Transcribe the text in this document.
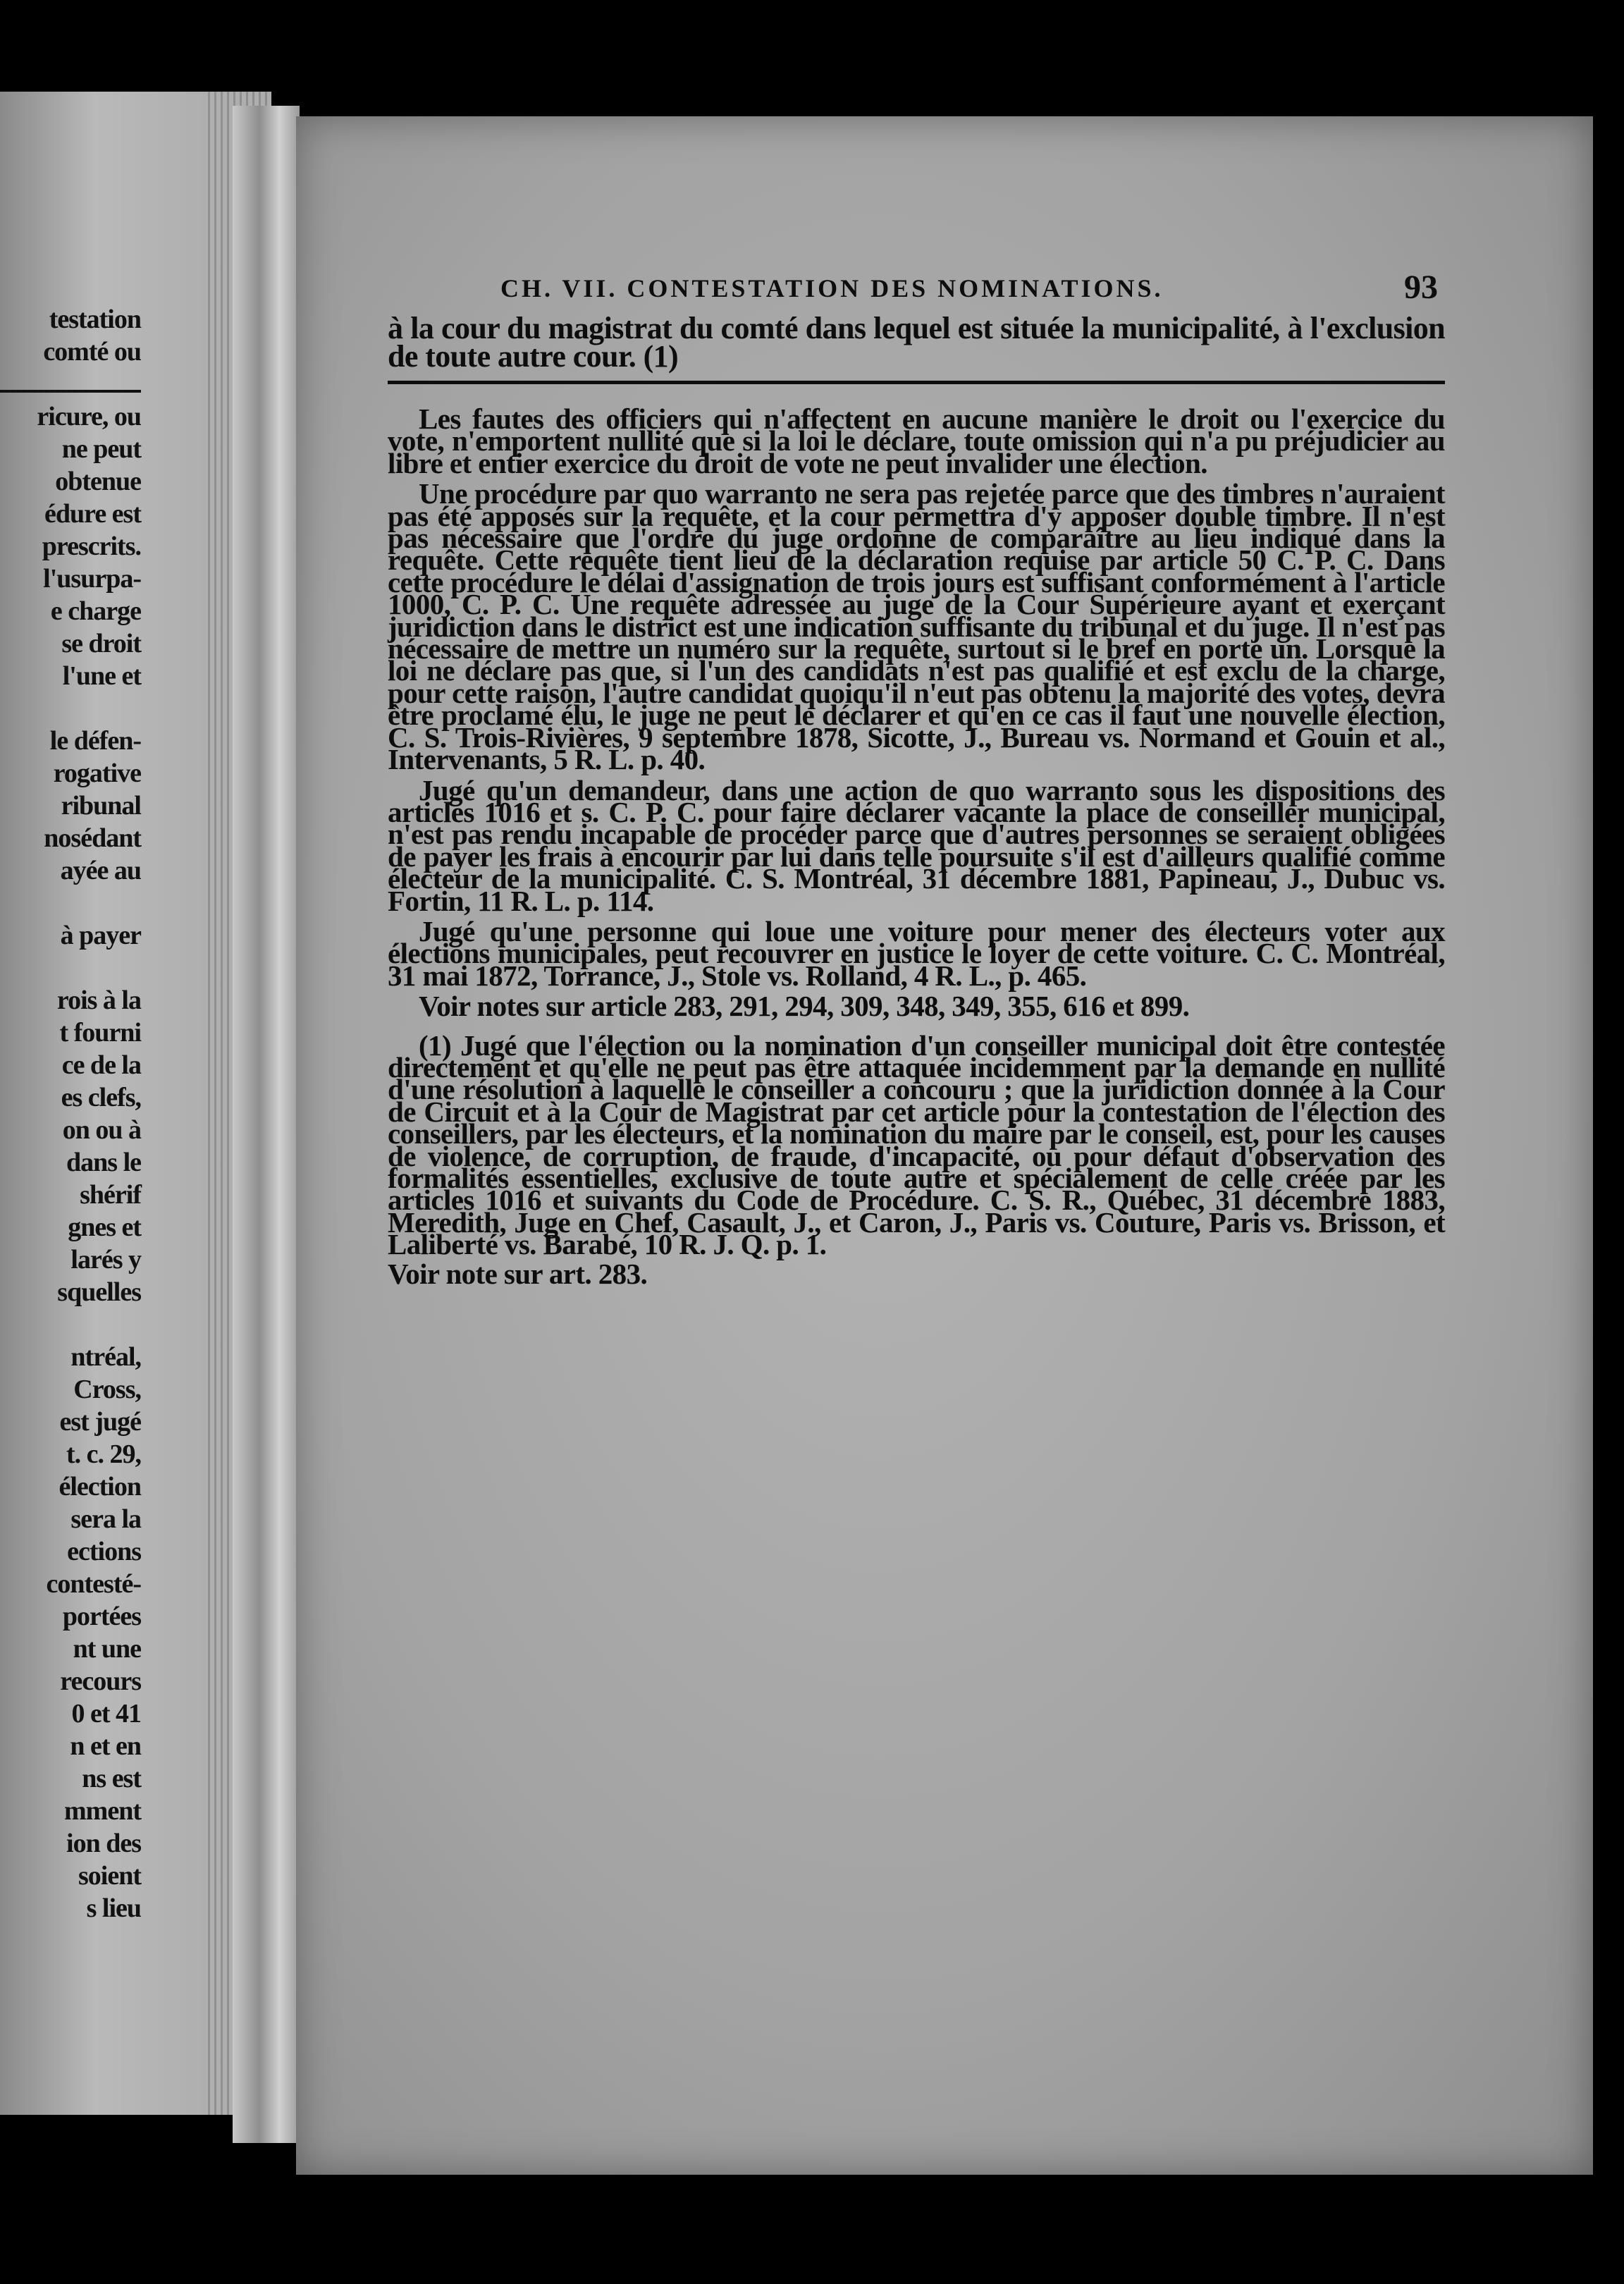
testation
comté ou

ricure, ou
ne peut
obtenue
édure est
prescrits.
l'usurpa-
e charge
se droit
l'une et

le défen-
rogative
ribunal
nosédant
ayée au

à payer

rois à la
t fourni
ce de la
es clefs,
on ou à
dans le
shérif
gnes et
larés y
squelles

ntréal,
Cross,
est jugé
t. c. 29,
élection
sera la
ections
contesté-
portées
nt une
recours
0 et 41
n et en
ns est
mment
ion des
soient
s lieu
CH. VII. CONTESTATION DES NOMINATIONS.	93

à la cour du magistrat du comté dans lequel est située la municipalité, à l'exclusion de toute autre cour. (1)

Les fautes des officiers qui n'affectent en aucune manière le droit ou l'exercice du vote, n'emportent nullité que si la loi le déclare, toute omission qui n'a pu préjudicier au libre et entier exercice du droit de vote ne peut invalider une élection.

Une procédure par quo warranto ne sera pas rejetée parce que des timbres n'auraient pas été apposés sur la requête, et la cour permettra d'y apposer double timbre. Il n'est pas nécessaire que l'ordre du juge ordonne de comparaître au lieu indiqué dans la requête. Cette requête tient lieu de la déclaration requise par article 50 C. P. C. Dans cette procédure le délai d'assignation de trois jours est suffisant conformément à l'article 1000, C. P. C. Une requête adressée au juge de la Cour Supérieure ayant et exerçant juridiction dans le district est une indication suffisante du tribunal et du juge. Il n'est pas nécessaire de mettre un numéro sur la requête, surtout si le bref en porte un. Lorsque la loi ne déclare pas que, si l'un des candidats n'est pas qualifié et est exclu de la charge, pour cette raison, l'autre candidat quoiqu'il n'eut pas obtenu la majorité des votes, devra être proclamé élu, le juge ne peut le déclarer et qu'en ce cas il faut une nouvelle élection, C. S. Trois-Rivières, 9 septembre 1878, Sicotte, J., Bureau vs. Normand et Gouin et al., Intervenants, 5 R. L. p. 40.

Jugé qu'un demandeur, dans une action de quo warranto sous les dispositions des articles 1016 et s. C. P. C. pour faire déclarer vacante la place de conseiller municipal, n'est pas rendu incapable de procéder parce que d'autres personnes se seraient obligées de payer les frais à encourir par lui dans telle poursuite s'il est d'ailleurs qualifié comme électeur de la municipalité. C. S. Montréal, 31 décembre 1881, Papineau, J., Dubuc vs. Fortin, 11 R. L. p. 114.

Jugé qu'une personne qui loue une voiture pour mener des électeurs voter aux élections municipales, peut recouvrer en justice le loyer de cette voiture. C. C. Montréal, 31 mai 1872, Torrance, J., Stole vs. Rolland, 4 R. L., p. 465.

Voir notes sur article 283, 291, 294, 309, 348, 349, 355, 616 et 899.

(1) Jugé que l'élection ou la nomination d'un conseiller municipal doit être contestée directement et qu'elle ne peut pas être attaquée incidemment par la demande en nullité d'une résolution à laquelle le conseiller a concouru ; que la juridiction donnée à la Cour de Circuit et à la Cour de Magistrat par cet article pour la contestation de l'élection des conseillers, par les électeurs, et la nomination du maire par le conseil, est, pour les causes de violence, de corruption, de fraude, d'incapacité, ou pour défaut d'observation des formalités essentielles, exclusive de toute autre et spécialement de celle créée par les articles 1016 et suivants du Code de Procédure. C. S. R., Québec, 31 décembre 1883, Meredith, Juge en Chef, Casault, J., et Caron, J., Paris vs. Couture, Paris vs. Brisson, et Laliberté vs. Barabé, 10 R. J. Q. p. 1.

Voir note sur art. 283.
